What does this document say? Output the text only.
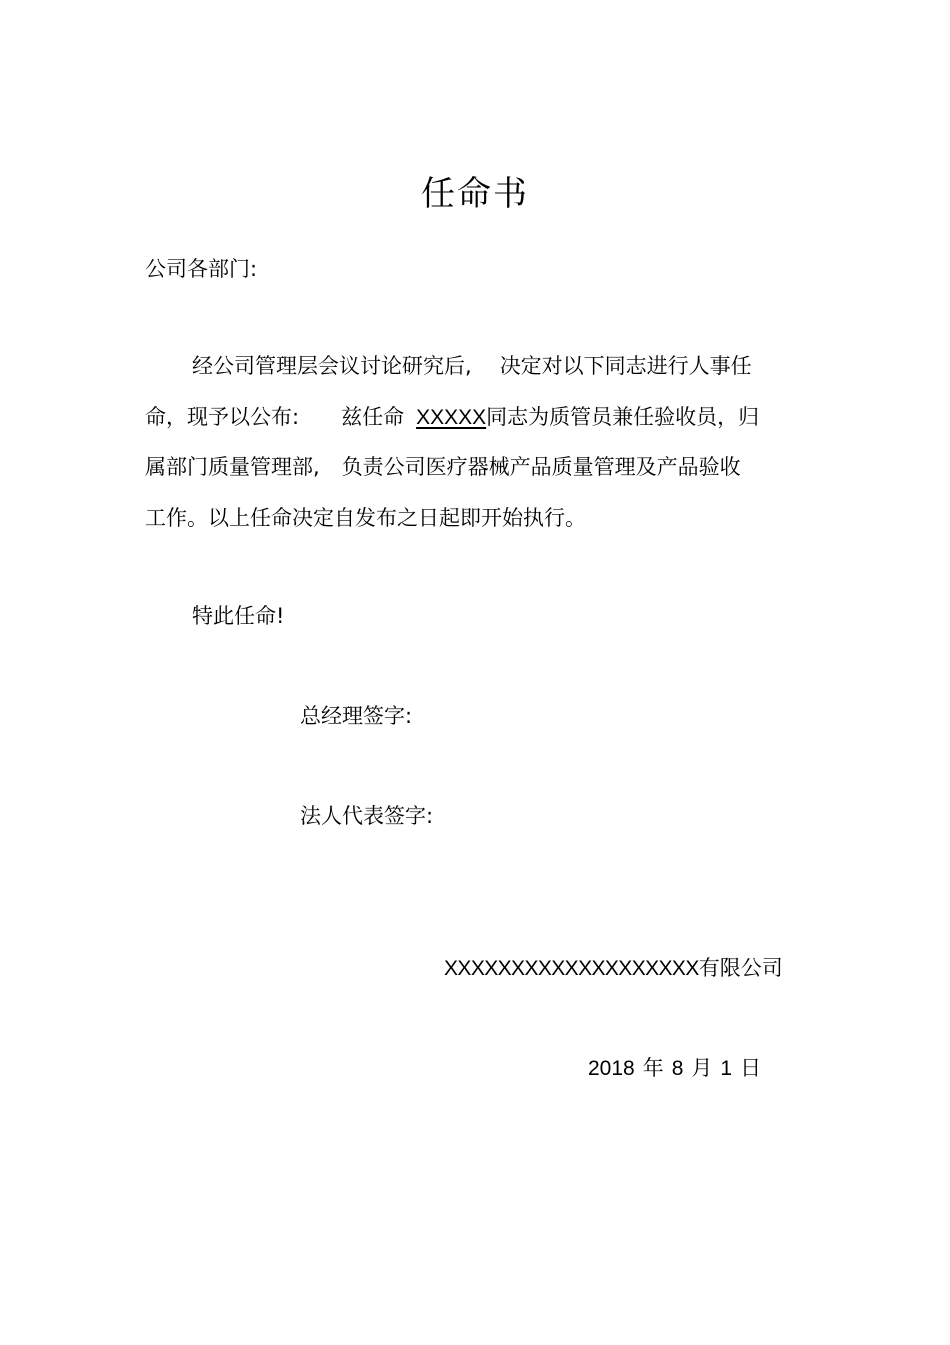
任命书
公司各部门:
经公司管理层会议讨论研究后, 决定对以下同志进行人事任
命，现予以公布: 兹任命 XXXXX同志为质管员兼任验收员，归
属部门质量管理部, 负责公司医疗器械产品质量管理及产品验收
工作。以上任命决定自发布之日起即开始执行。
特此任命!
总经理签字:
法人代表签字:
XXXXXXXXXXXXXXXXXXX有限公司
2018 年 8 月 1 日
